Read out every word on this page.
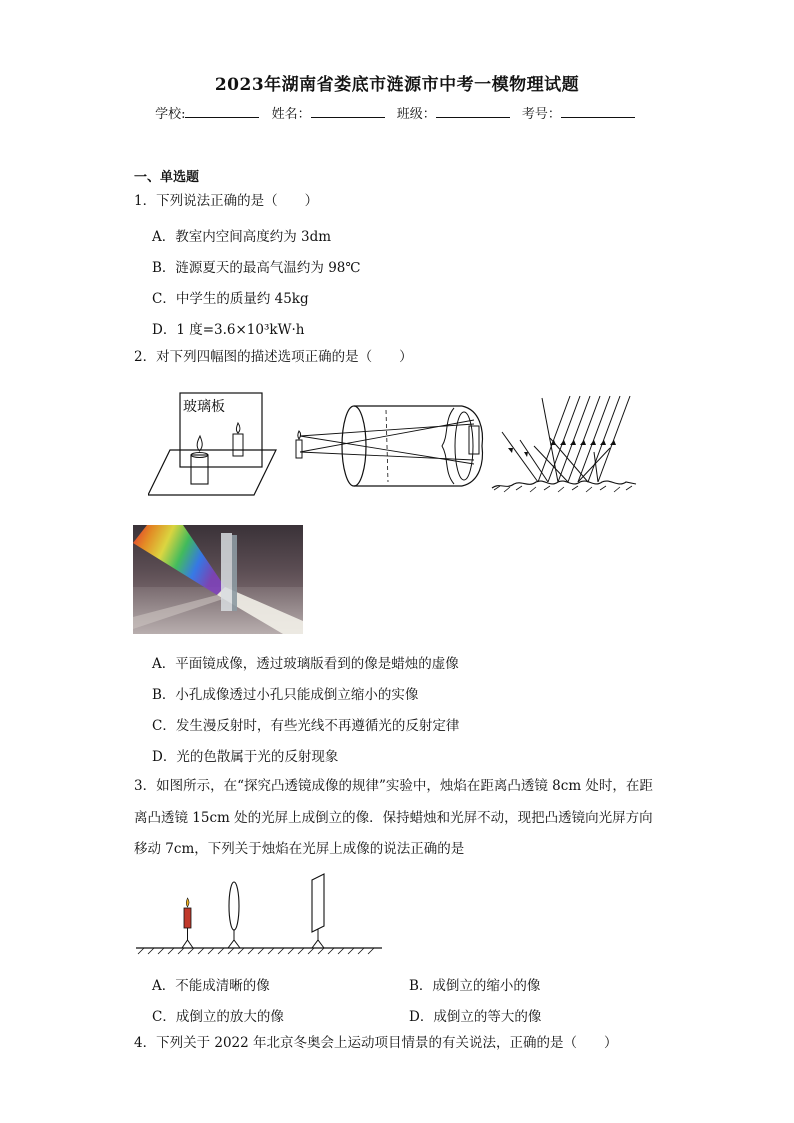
2023年湖南省娄底市涟源市中考一模物理试题
学校:	姓名：	班级：	考号：
一、单选题
1．下列说法正确的是（　　）
A．教室内空间高度约为 3dm
B．涟源夏天的最高气温约为 98℃
C．中学生的质量约 45kg
D．1 度=3.6×10³kW·h
2．对下列四幅图的描述选项正确的是（　　）
玻璃板
A．平面镜成像，透过玻璃版看到的像是蜡烛的虚像
B．小孔成像透过小孔只能成倒立缩小的实像
C．发生漫反射时，有些光线不再遵循光的反射定律
D．光的色散属于光的反射现象
3．如图所示，在“探究凸透镜成像的规律”实验中，烛焰在距离凸透镜 8cm 处时，在距
离凸透镜 15cm 处的光屏上成倒立的像．保持蜡烛和光屏不动，现把凸透镜向光屏方向
移动 7cm，下列关于烛焰在光屏上成像的说法正确的是
A．不能成清晰的像	B．成倒立的缩小的像
C．成倒立的放大的像	D．成倒立的等大的像
4．下列关于 2022 年北京冬奥会上运动项目情景的有关说法，正确的是（　　）
